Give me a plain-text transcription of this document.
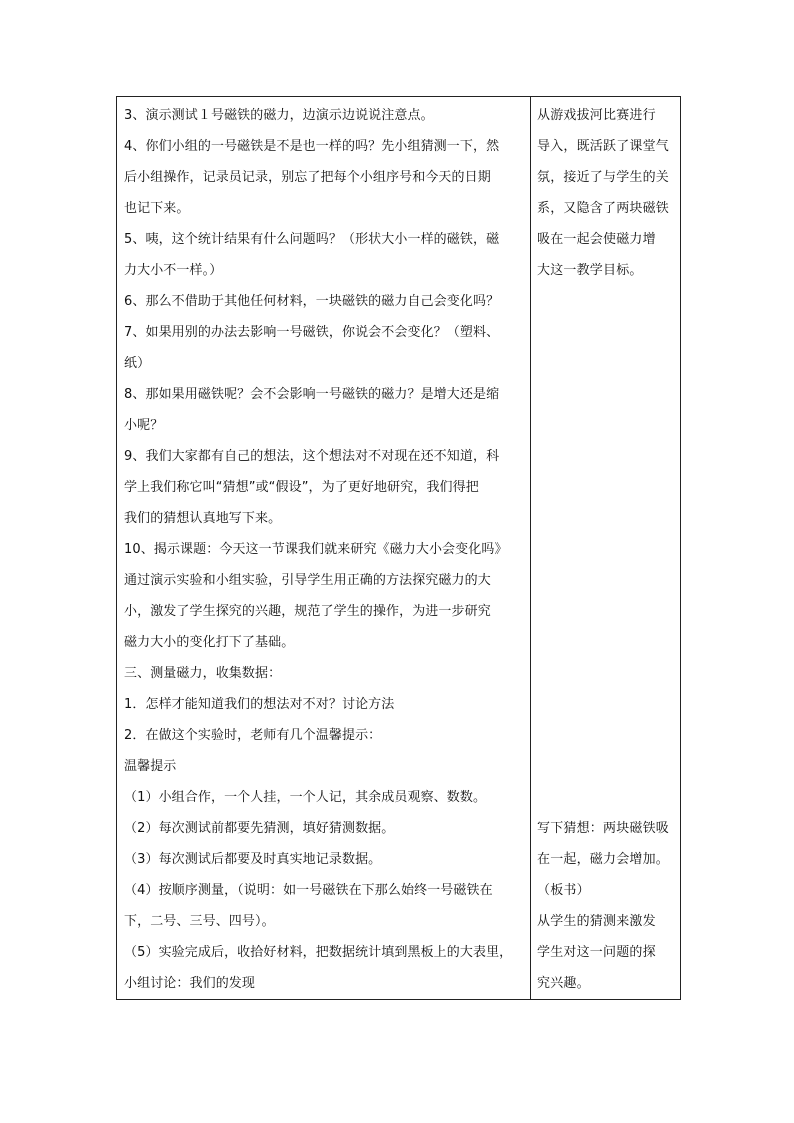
3、演示测试１号磁铁的磁力，边演示边说说注意点。
4、你们小组的一号磁铁是不是也一样的吗？先小组猜测一下，然
后小组操作，记录员记录，别忘了把每个小组序号和今天的日期
也记下来。
5、咦，这个统计结果有什么问题吗？（形状大小一样的磁铁，磁
力大小不一样。）
6、那么不借助于其他任何材料，一块磁铁的磁力自己会变化吗？
7、如果用别的办法去影响一号磁铁，你说会不会变化？（塑料、
纸）
8、那如果用磁铁呢？会不会影响一号磁铁的磁力？是增大还是缩
小呢？
9、我们大家都有自己的想法，这个想法对不对现在还不知道，科
学上我们称它叫“猜想”或“假设”，为了更好地研究，我们得把
我们的猜想认真地写下来。
10、揭示课题：今天这一节课我们就来研究《磁力大小会变化吗》
通过演示实验和小组实验，引导学生用正确的方法探究磁力的大
小，激发了学生探究的兴趣，规范了学生的操作，为进一步研究
磁力大小的变化打下了基础。
三、测量磁力，收集数据：
1．怎样才能知道我们的想法对不对？讨论方法
2．在做这个实验时，老师有几个温馨提示：
温馨提示
（1）小组合作，一个人挂，一个人记，其余成员观察、数数。
（2）每次测试前都要先猜测，填好猜测数据。
（3）每次测试后都要及时真实地记录数据。
（4）按顺序测量，（说明：如一号磁铁在下那么始终一号磁铁在
下，二号、三号、四号）。
（5）实验完成后，收拾好材料，把数据统计填到黑板上的大表里，
小组讨论：我们的发现
从游戏拔河比赛进行
导入，既活跃了课堂气
氛，接近了与学生的关
系，又隐含了两块磁铁
吸在一起会使磁力增
大这一教学目标。
写下猜想：两块磁铁吸
在一起，磁力会增加。
（板书）
从学生的猜测来激发
学生对这一问题的探
究兴趣。
